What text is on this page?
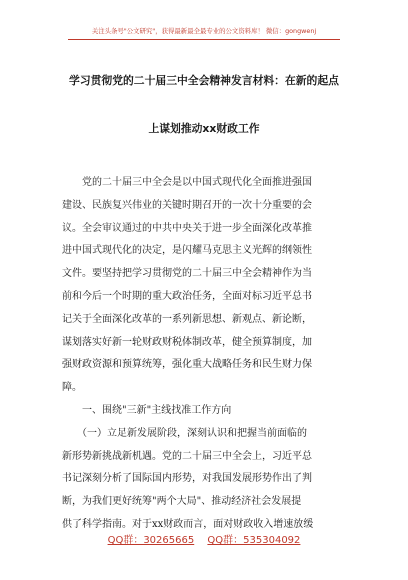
关注头条号"公文研究"，获得最新最全最专业的公文资料库！ 微信：gongwenj
学习贯彻党的二十届三中全会精神发言材料：在新的起点
上谋划推动xx财政工作

　　党的二十届三中全会是以中国式现代化全面推进强国

建设、民族复兴伟业的关键时期召开的一次十分重要的会

议。全会审议通过的中共中央关于进一步全面深化改革推

进中国式现代化的决定，是闪耀马克思主义光辉的纲领性

文件。要坚持把学习贯彻党的二十届三中全会精神作为当

前和今后一个时期的重大政治任务，全面对标习近平总书

记关于全面深化改革的一系列新思想、新观点、新论断，

谋划落实好新一轮财政财税体制改革，健全预算制度，加

强财政资源和预算统筹，强化重大战略任务和民生财力保

障。

　　一、围绕"三新"主线找准工作方向

　　（一）立足新发展阶段，深刻认识和把握当前面临的

新形势新挑战新机遇。党的二十届三中全会上，习近平总

书记深刻分析了国际国内形势，对我国发展形势作出了判

断，为我们更好统筹"两个大局"、推动经济社会发展提

供了科学指南。对于xx财政而言，面对财政收入增速放缓

QQ群：30265665 QQ群：535304092
